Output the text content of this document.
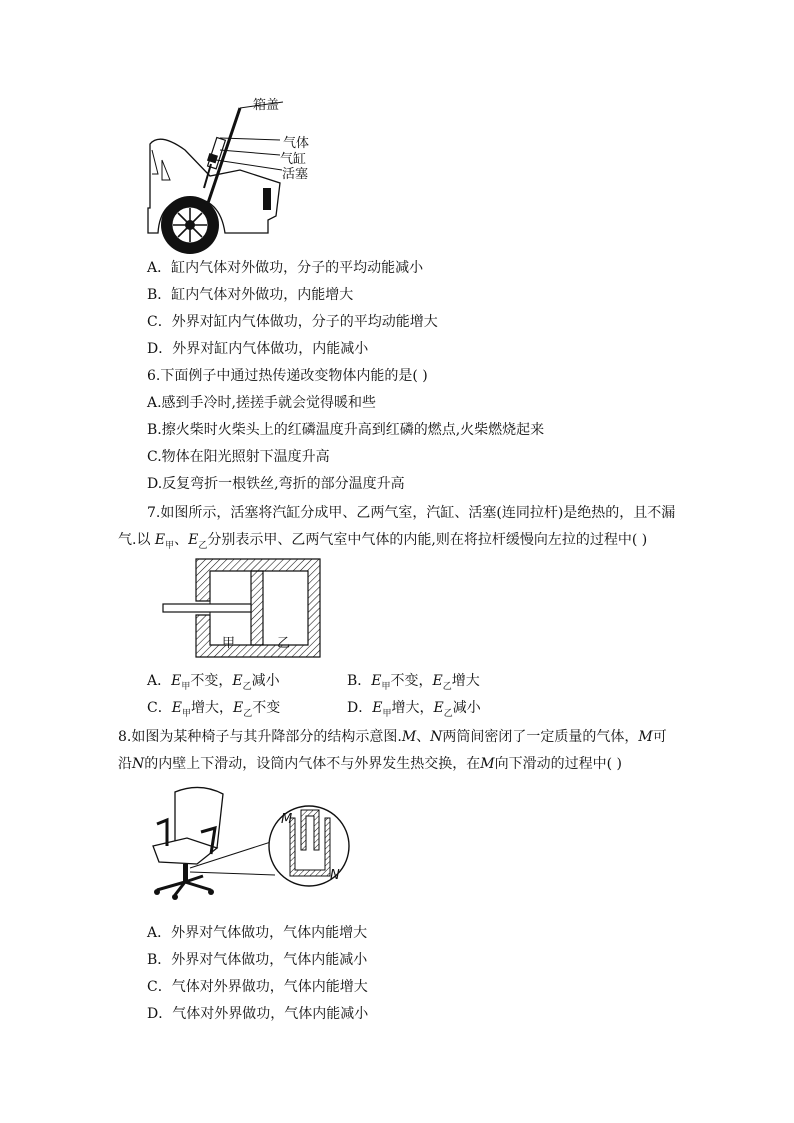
箱盖
气体
气缸
活塞
A．缸内气体对外做功，分子的平均动能减小
B．缸内气体对外做功，内能增大
C．外界对缸内气体做功，分子的平均动能增大
D．外界对缸内气体做功，内能减小
6.下面例子中通过热传递改变物体内能的是( )
A.感到手冷时,搓搓手就会觉得暖和些
B.擦火柴时火柴头上的红磷温度升高到红磷的燃点,火柴燃烧起来
C.物体在阳光照射下温度升高
D.反复弯折一根铁丝,弯折的部分温度升高
7.如图所示，活塞将汽缸分成甲、乙两气室，汽缸、活塞(连同拉杆)是绝热的，且不漏
气.以 $E_甲$、$E_乙$分别表示甲、乙两气室中气体的内能,则在将拉杆缓慢向左拉的过程中( )
甲	乙
A．$E_甲$不变，$E_乙$减小	B．$E_甲$不变，$E_乙$增大
C．$E_甲$增大，$E_乙$不变	D．$E_甲$增大，$E_乙$减小
8.如图为某种椅子与其升降部分的结构示意图.M、N两筒间密闭了一定质量的气体，M可
沿N的内壁上下滑动，设筒内气体不与外界发生热交换，在M向下滑动的过程中( )
M
N
A．外界对气体做功，气体内能增大
B．外界对气体做功，气体内能减小
C．气体对外界做功，气体内能增大
D．气体对外界做功，气体内能减小
